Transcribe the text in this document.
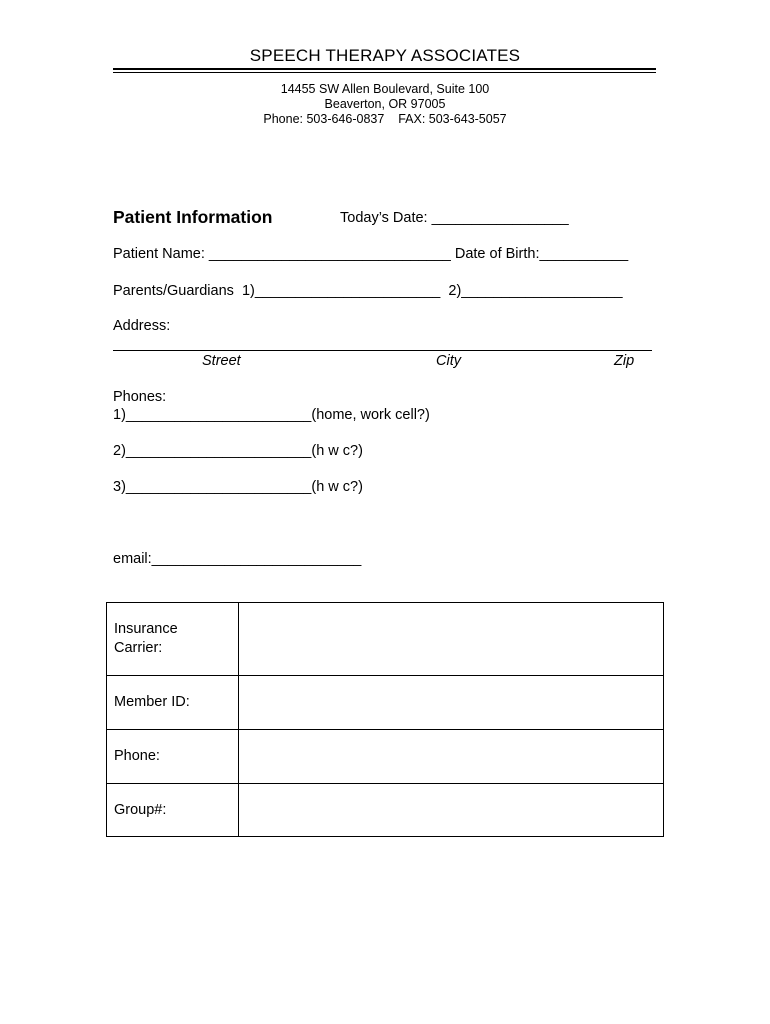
SPEECH THERAPY ASSOCIATES
14455 SW Allen Boulevard, Suite 100
Beaverton, OR 97005
Phone: 503-646-0837    FAX: 503-643-5057
Patient Information	Today’s Date: _________________
Patient Name: ______________________________ Date of Birth:___________
Parents/Guardians  1)_______________________  2)____________________
Address:
Street	City	Zip
Phones:
1)_______________________(home, work cell?)
2)_______________________(h w c?)
3)_______________________(h w c?)
email:__________________________
Insurance
Carrier:	
Member ID:	
Phone:	
Group#:	
